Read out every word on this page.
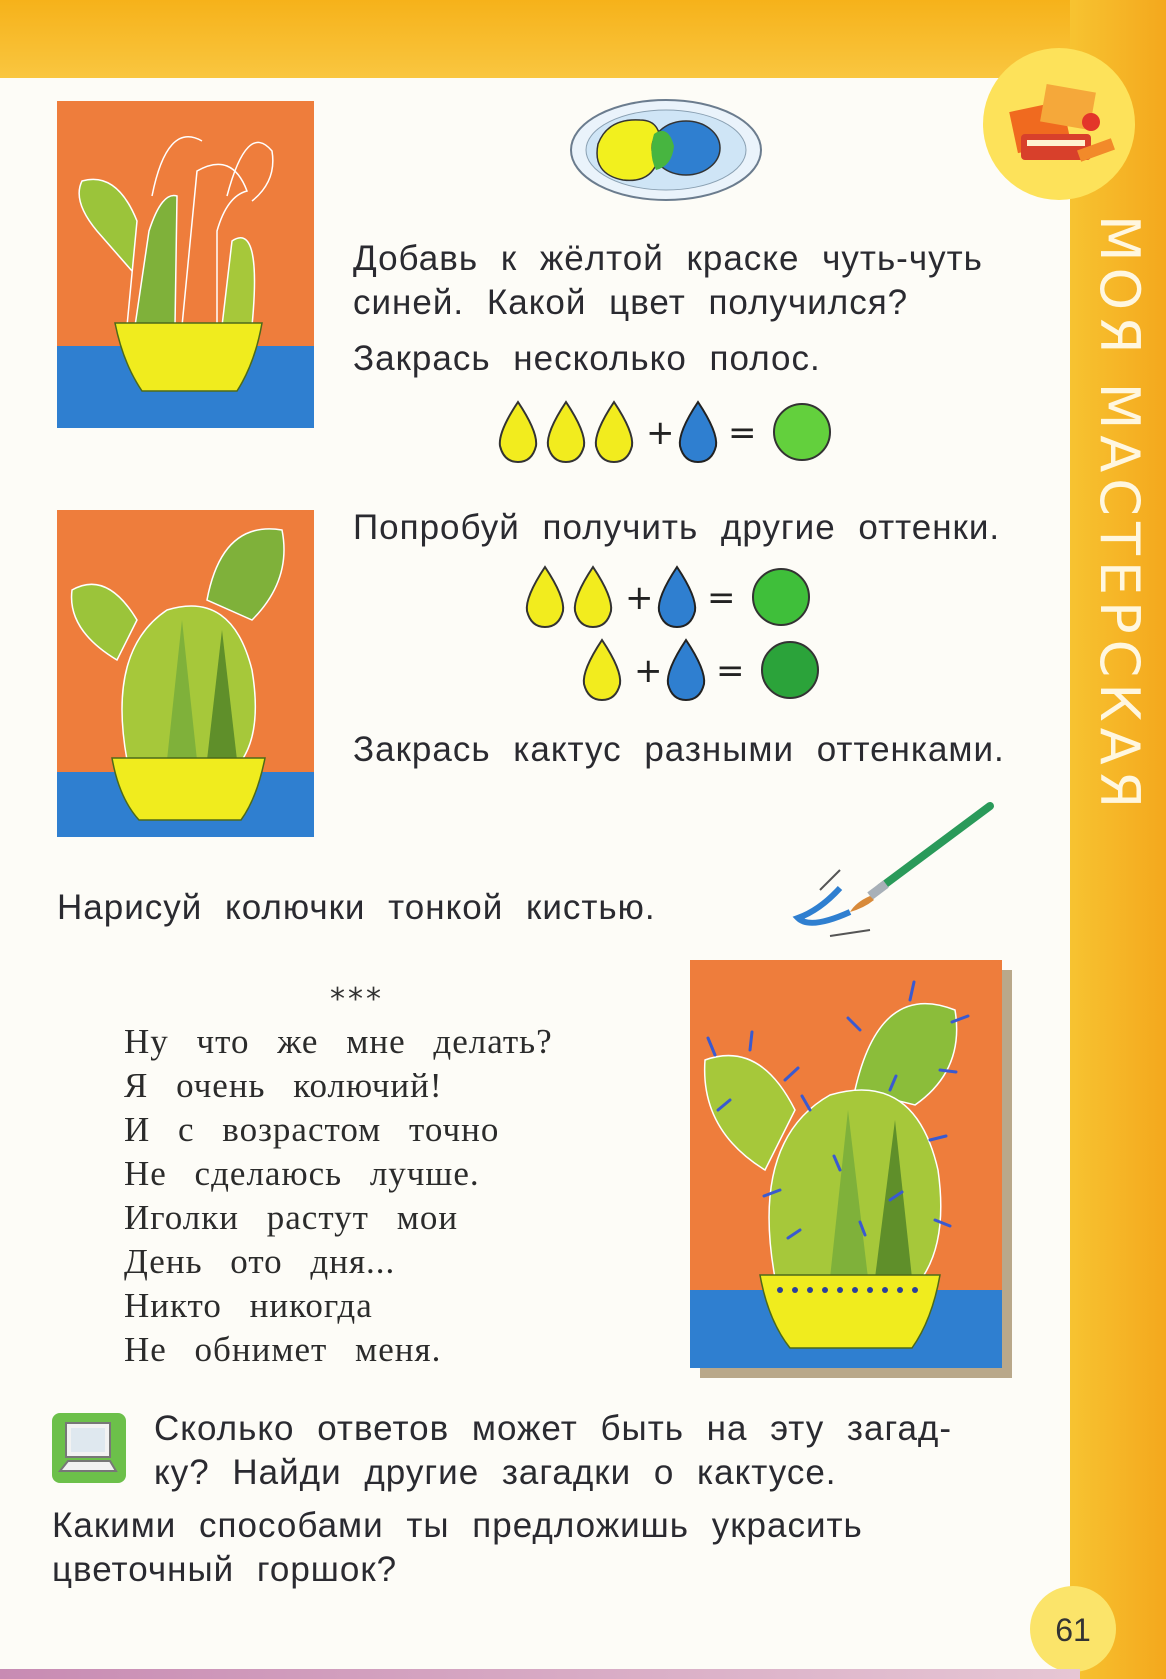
МОЯ МАСТЕРСКАЯ

Добавь к жёлтой краске чуть-чуть

синей. Какой цвет получился?

Закрась несколько полос.

+ =

Попробуй получить другие оттенки.

+ =
+ =

Закрась кактус разными оттенками.

Нарисуй колючки тонкой кистью.

***
Ну что же мне делать?
Я очень колючий!
И с возрастом точно
Не сделаюсь лучше.
Иголки растут мои
День ото дня...
Никто никогда
Не обнимет меня.

Сколько ответов может быть на эту загад-

ку? Найди другие загадки о кактусе.

Какими способами ты предложишь украсить

цветочный горшок?

61
